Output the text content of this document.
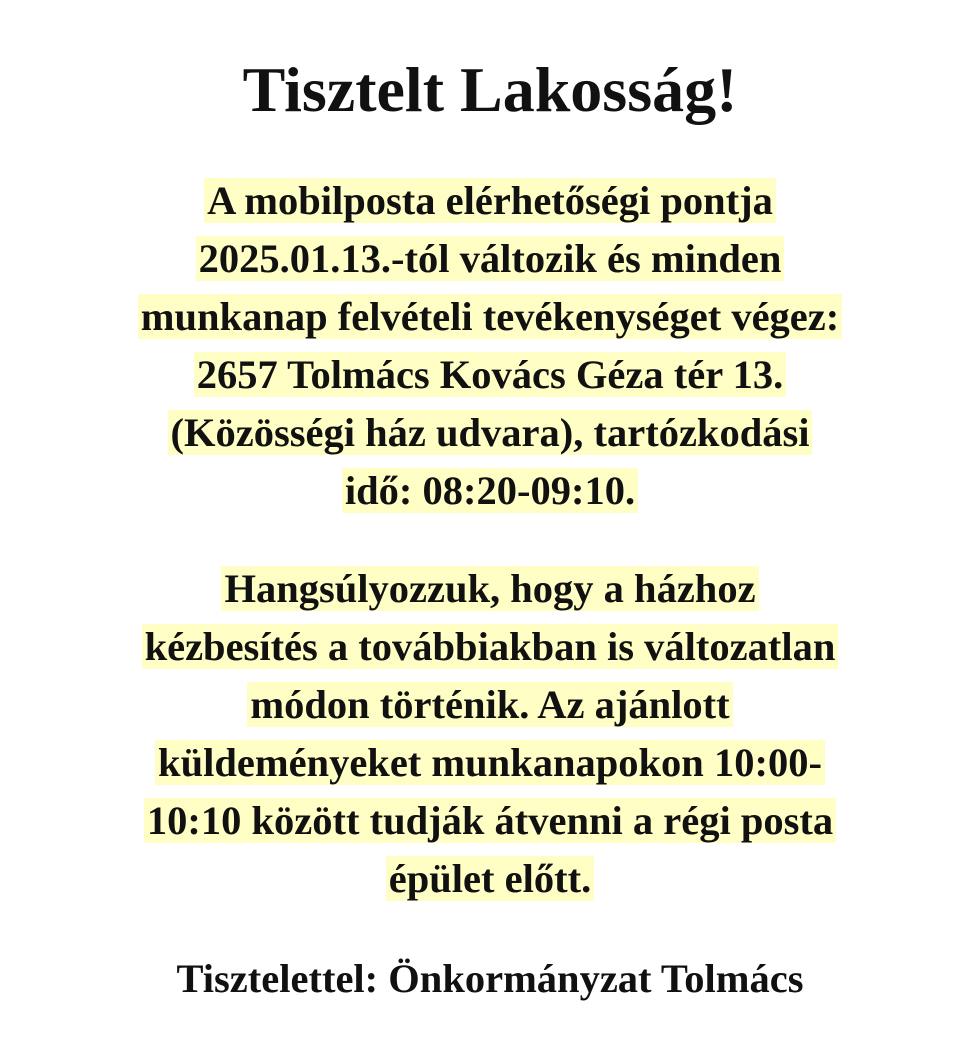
Tisztelt Lakosság!
A mobilposta elérhetőségi pontja
2025.01.13.-tól változik és minden
munkanap felvételi tevékenységet végez:
2657 Tolmács Kovács Géza tér 13.
(Közösségi ház udvara), tartózkodási
idő: 08:20-09:10.
Hangsúlyozzuk, hogy a házhoz
kézbesítés a továbbiakban is változatlan
módon történik. Az ajánlott
küldeményeket munkanapokon 10:00-
10:10 között tudják átvenni a régi posta
épület előtt.

Tisztelettel: Önkormányzat Tolmács
